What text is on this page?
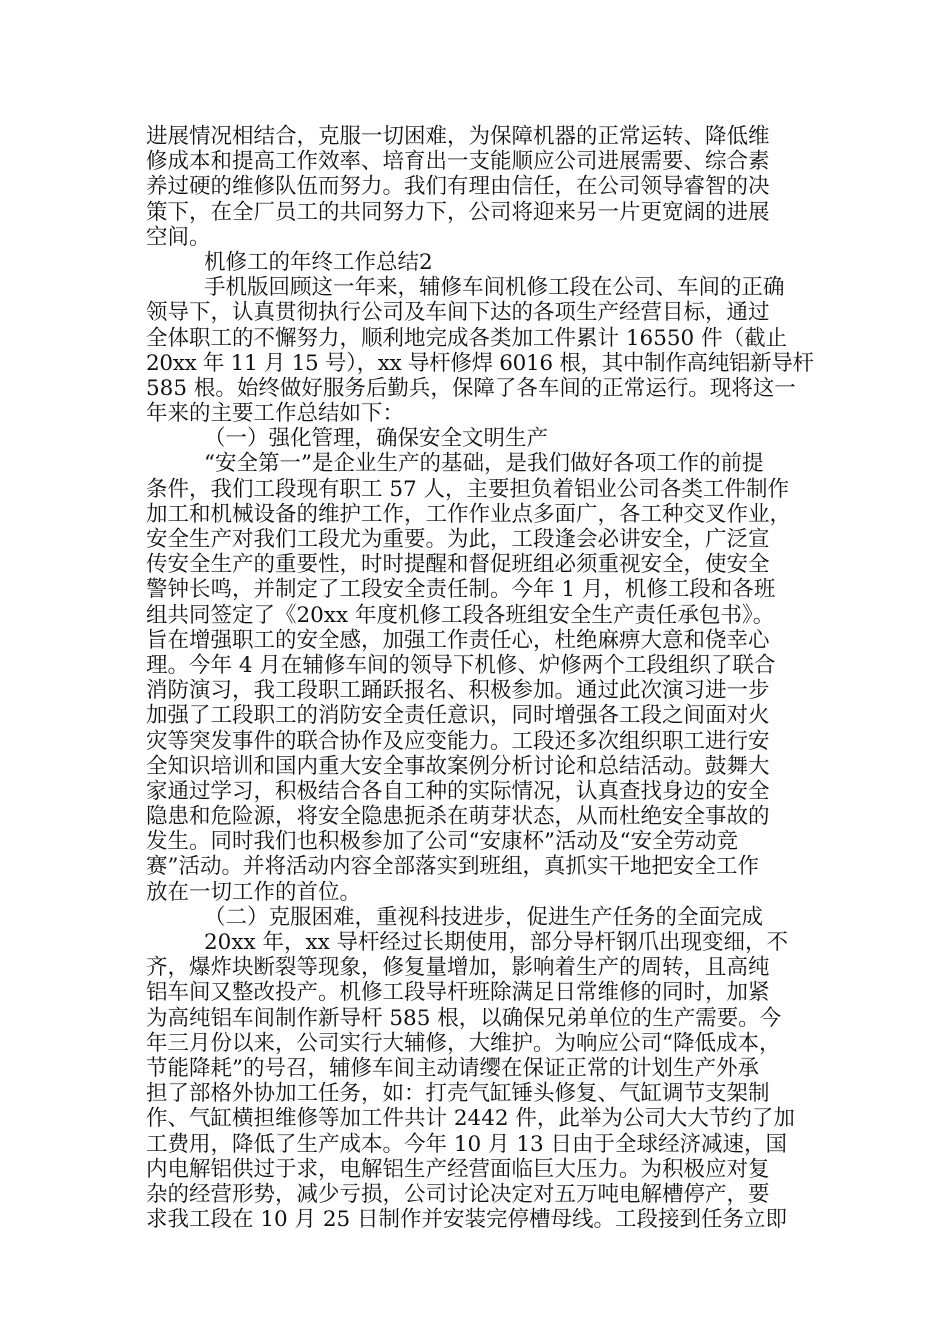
进展情况相结合，克服一切困难，为保障机器的正常运转、降低维
修成本和提高工作效率、培育出一支能顺应公司进展需要、综合素
养过硬的维修队伍而努力。我们有理由信任，在公司领导睿智的决
策下，在全厂员工的共同努力下，公司将迎来另一片更宽阔的进展
空间。
机修工的年终工作总结2
手机版回顾这一年来，辅修车间机修工段在公司、车间的正确
领导下，认真贯彻执行公司及车间下达的各项生产经营目标，通过
全体职工的不懈努力，顺利地完成各类加工件累计 16550 件（截止
20xx 年 11 月 15 号），xx 导杆修焊 6016 根，其中制作高纯铝新导杆
585 根。始终做好服务后勤兵，保障了各车间的正常运行。现将这一
年来的主要工作总结如下：
（一）强化管理，确保安全文明生产
“安全第一”是企业生产的基础，是我们做好各项工作的前提
条件，我们工段现有职工 57 人，主要担负着铝业公司各类工件制作
加工和机械设备的维护工作，工作作业点多面广，各工种交叉作业，
安全生产对我们工段尤为重要。为此，工段逢会必讲安全，广泛宣
传安全生产的重要性，时时提醒和督促班组必须重视安全，使安全
警钟长鸣，并制定了工段安全责任制。今年 1 月，机修工段和各班
组共同签定了《20xx 年度机修工段各班组安全生产责任承包书》。
旨在增强职工的安全感，加强工作责任心，杜绝麻痹大意和侥幸心
理。今年 4 月在辅修车间的领导下机修、炉修两个工段组织了联合
消防演习，我工段职工踊跃报名、积极参加。通过此次演习进一步
加强了工段职工的消防安全责任意识，同时增强各工段之间面对火
灾等突发事件的联合协作及应变能力。工段还多次组织职工进行安
全知识培训和国内重大安全事故案例分析讨论和总结活动。鼓舞大
家通过学习，积极结合各自工种的实际情况，认真查找身边的安全
隐患和危险源，将安全隐患扼杀在萌芽状态，从而杜绝安全事故的
发生。同时我们也积极参加了公司“安康杯”活动及“安全劳动竞
赛”活动。并将活动内容全部落实到班组，真抓实干地把安全工作
放在一切工作的首位。
（二）克服困难，重视科技进步，促进生产任务的全面完成
20xx 年，xx 导杆经过长期使用，部分导杆钢爪出现变细，不
齐，爆炸块断裂等现象，修复量增加，影响着生产的周转，且高纯
铝车间又整改投产。机修工段导杆班除满足日常维修的同时，加紧
为高纯铝车间制作新导杆 585 根，以确保兄弟单位的生产需要。今
年三月份以来，公司实行大辅修，大维护。为响应公司“降低成本，
节能降耗”的号召，辅修车间主动请缨在保证正常的计划生产外承
担了部格外协加工任务，如：打壳气缸锤头修复、气缸调节支架制
作、气缸横担维修等加工件共计 2442 件，此举为公司大大节约了加
工费用，降低了生产成本。今年 10 月 13 日由于全球经济减速，国
内电解铝供过于求，电解铝生产经营面临巨大压力。为积极应对复
杂的经营形势，减少亏损，公司讨论决定对五万吨电解槽停产，要
求我工段在 10 月 25 日制作并安装完停槽母线。工段接到任务立即
